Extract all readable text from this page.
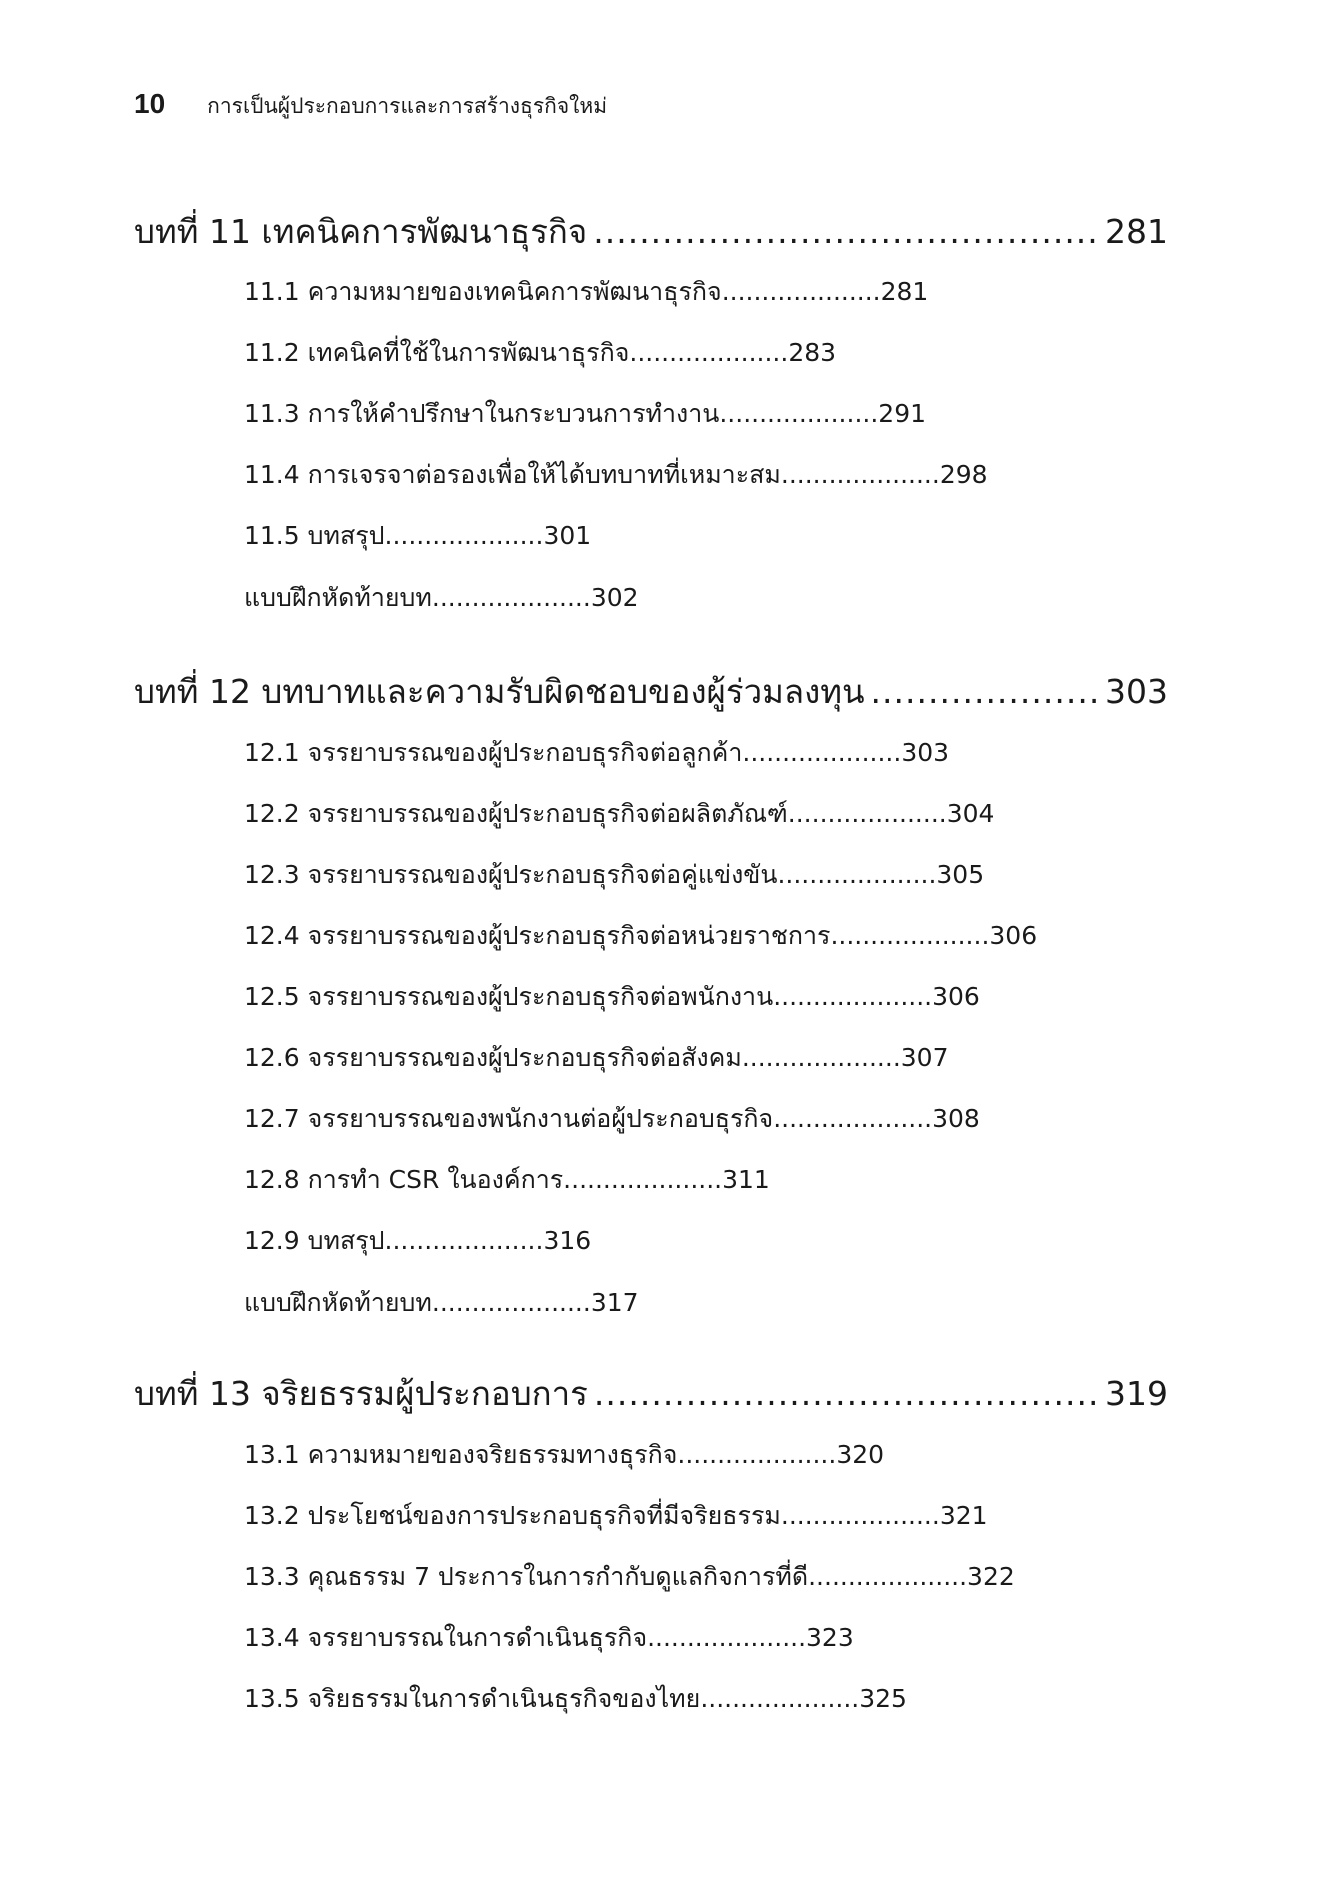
10 การเป็นผู้ประกอบการและการสร้างธุรกิจใหม่
บทที่ 11 เทคนิคการพัฒนาธุรกิจ .....	281
11.1 ความหมายของเทคนิคการพัฒนาธุรกิจ .................... 281
11.2 เทคนิคที่ใช้ในการพัฒนาธุรกิจ .................... 283
11.3 การให้คำปรึกษาในกระบวนการทำงาน .................... 291
11.4 การเจรจาต่อรองเพื่อให้ได้บทบาทที่เหมาะสม .................... 298
11.5 บทสรุป .................... 301
แบบฝึกหัดท้ายบท .................... 302
บทที่ 12 บทบาทและความรับผิดชอบของผู้ร่วมลงทุน .....	303
12.1 จรรยาบรรณของผู้ประกอบธุรกิจต่อลูกค้า .................... 303
12.2 จรรยาบรรณของผู้ประกอบธุรกิจต่อผลิตภัณฑ์ .................... 304
12.3 จรรยาบรรณของผู้ประกอบธุรกิจต่อคู่แข่งขัน .................... 305
12.4 จรรยาบรรณของผู้ประกอบธุรกิจต่อหน่วยราชการ .................... 306
12.5 จรรยาบรรณของผู้ประกอบธุรกิจต่อพนักงาน .................... 306
12.6 จรรยาบรรณของผู้ประกอบธุรกิจต่อสังคม .................... 307
12.7 จรรยาบรรณของพนักงานต่อผู้ประกอบธุรกิจ .................... 308
12.8 การทำ CSR ในองค์การ .................... 311
12.9 บทสรุป .................... 316
แบบฝึกหัดท้ายบท .................... 317
บทที่ 13 จริยธรรมผู้ประกอบการ .....	319
13.1 ความหมายของจริยธรรมทางธุรกิจ .................... 320
13.2 ประโยชน์ของการประกอบธุรกิจที่มีจริยธรรม .................... 321
13.3 คุณธรรม 7 ประการในการกำกับดูแลกิจการที่ดี .................... 322
13.4 จรรยาบรรณในการดำเนินธุรกิจ .................... 323
13.5 จริยธรรมในการดำเนินธุรกิจของไทย .................... 325
